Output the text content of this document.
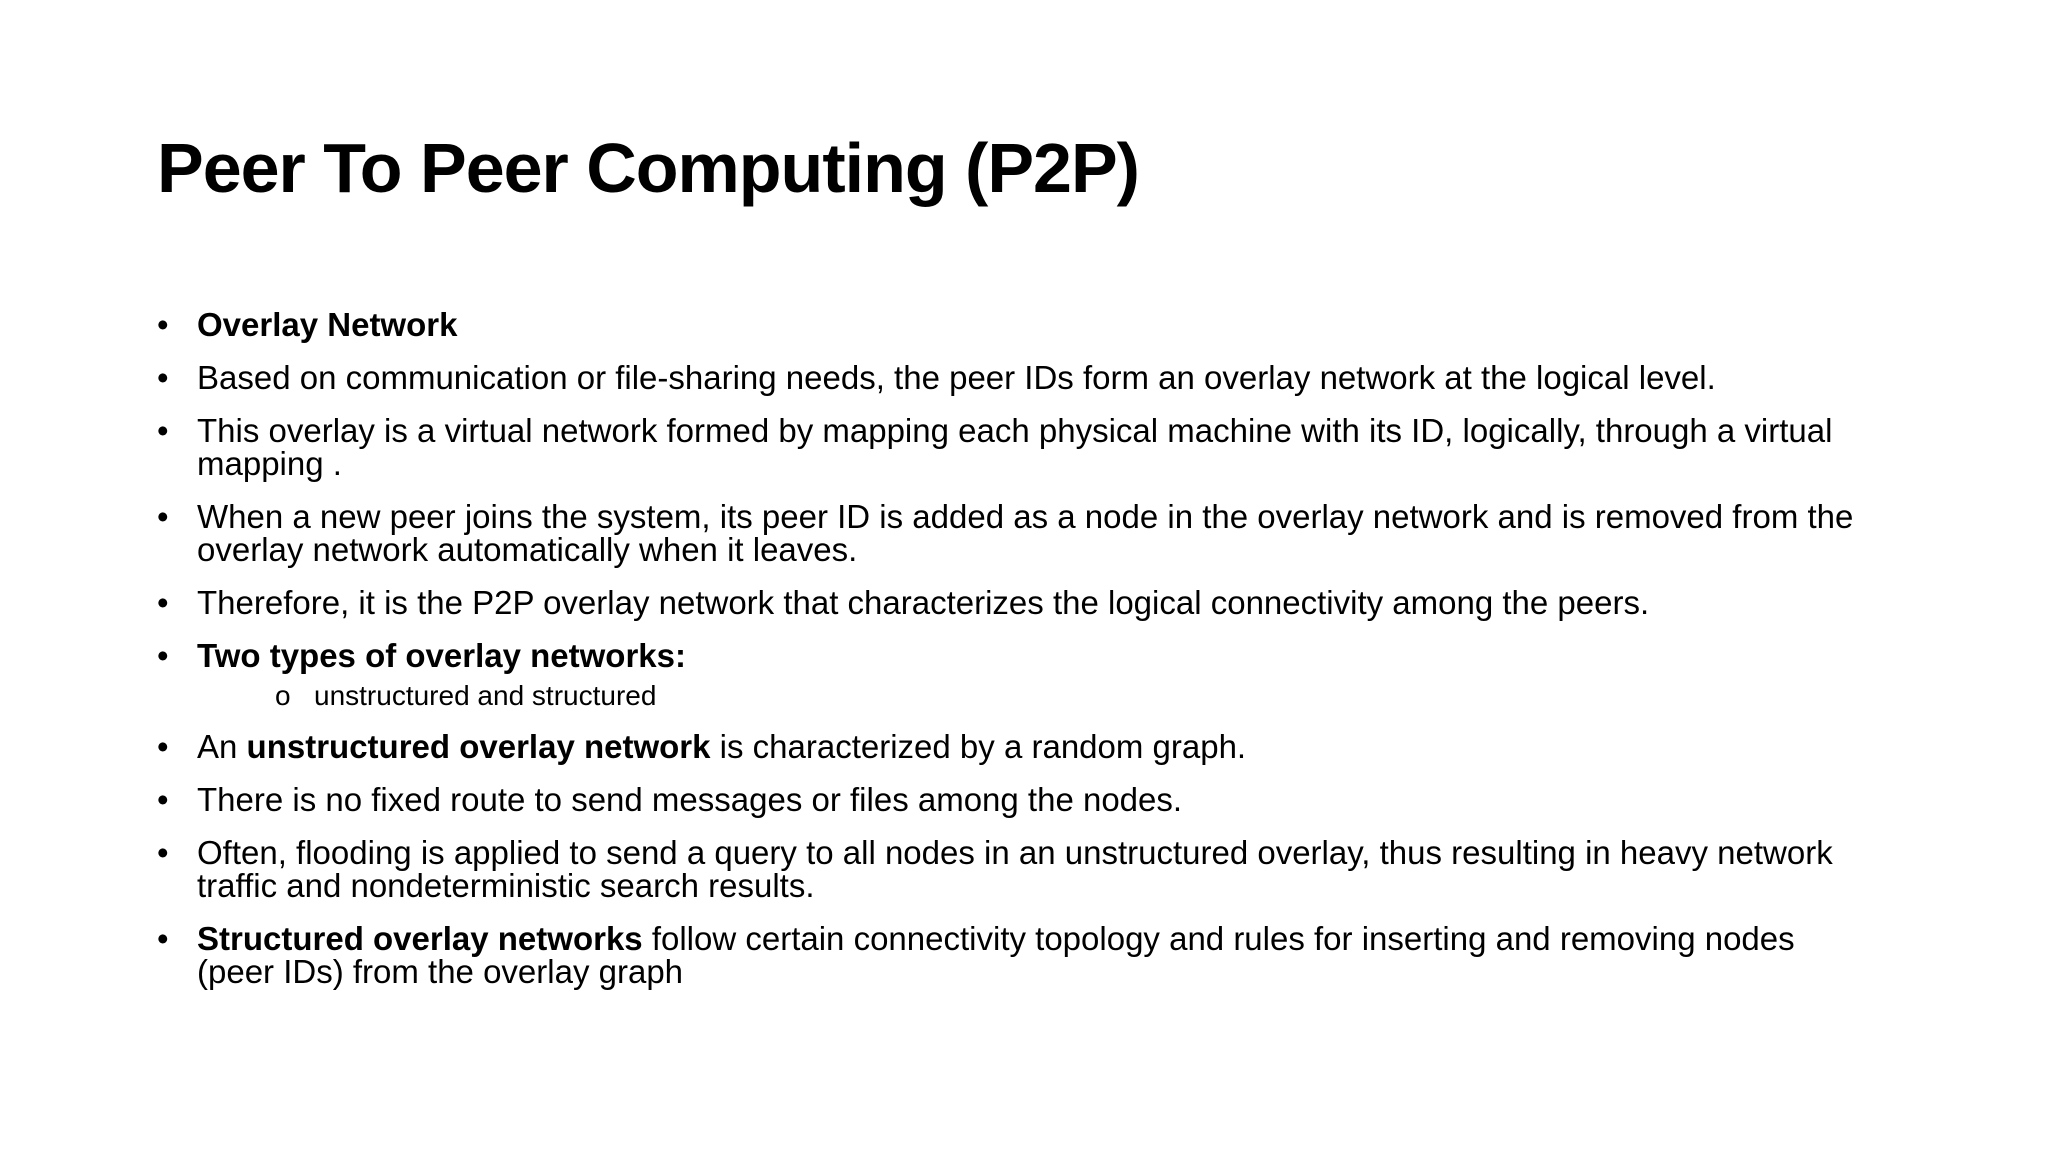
Peer To Peer Computing (P2P)
• Overlay Network
• Based on communication or file-sharing needs, the peer IDs form an overlay network at the logical level.
• This overlay is a virtual network formed by mapping each physical machine with its ID, logically, through a virtual mapping .
• When a new peer joins the system, its peer ID is added as a node in the overlay network and is removed from the overlay network automatically when it leaves.
• Therefore, it is the P2P overlay network that characterizes the logical connectivity among the peers.
• Two types of overlay networks:
o unstructured and structured
• An unstructured overlay network is characterized by a random graph.
• There is no fixed route to send messages or files among the nodes.
• Often, flooding is applied to send a query to all nodes in an unstructured overlay, thus resulting in heavy network traffic and nondeterministic search results.
• Structured overlay networks follow certain connectivity topology and rules for inserting and removing nodes (peer IDs) from the overlay graph
